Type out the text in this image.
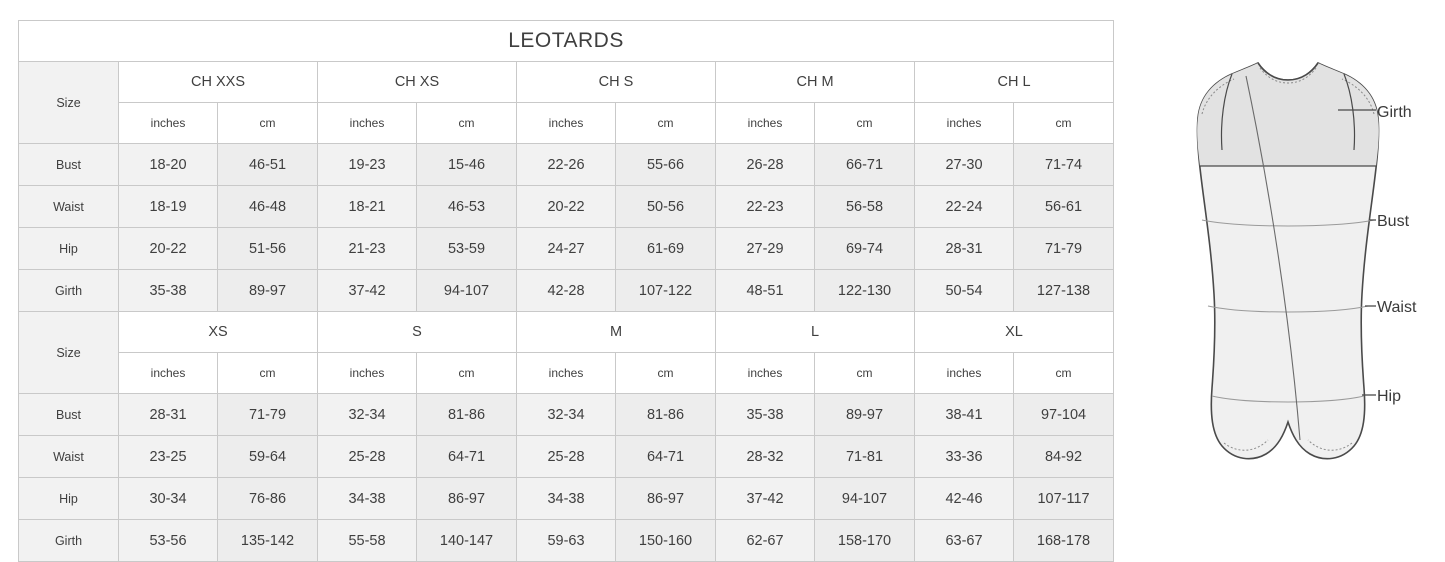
LEOTARDS										
Size	CH XXS		CH XS		CH S		CH M		CH L	
	inches	cm	inches	cm	inches	cm	inches	cm	inches	cm
Bust	18-20	46-51	19-23	15-46	22-26	55-66	26-28	66-71	27-30	71-74
Waist	18-19	46-48	18-21	46-53	20-22	50-56	22-23	56-58	22-24	56-61
Hip	20-22	51-56	21-23	53-59	24-27	61-69	27-29	69-74	28-31	71-79
Girth	35-38	89-97	37-42	94-107	42-28	107-122	48-51	122-130	50-54	127-138
Size	XS		S		M		L		XL	
	inches	cm	inches	cm	inches	cm	inches	cm	inches	cm
Bust	28-31	71-79	32-34	81-86	32-34	81-86	35-38	89-97	38-41	97-104
Waist	23-25	59-64	25-28	64-71	25-28	64-71	28-32	71-81	33-36	84-92
Hip	30-34	76-86	34-38	86-97	34-38	86-97	37-42	94-107	42-46	107-117
Girth	53-56	135-142	55-58	140-147	59-63	150-160	62-67	158-170	63-67	168-178
Girth
Bust
Waist
Hip
